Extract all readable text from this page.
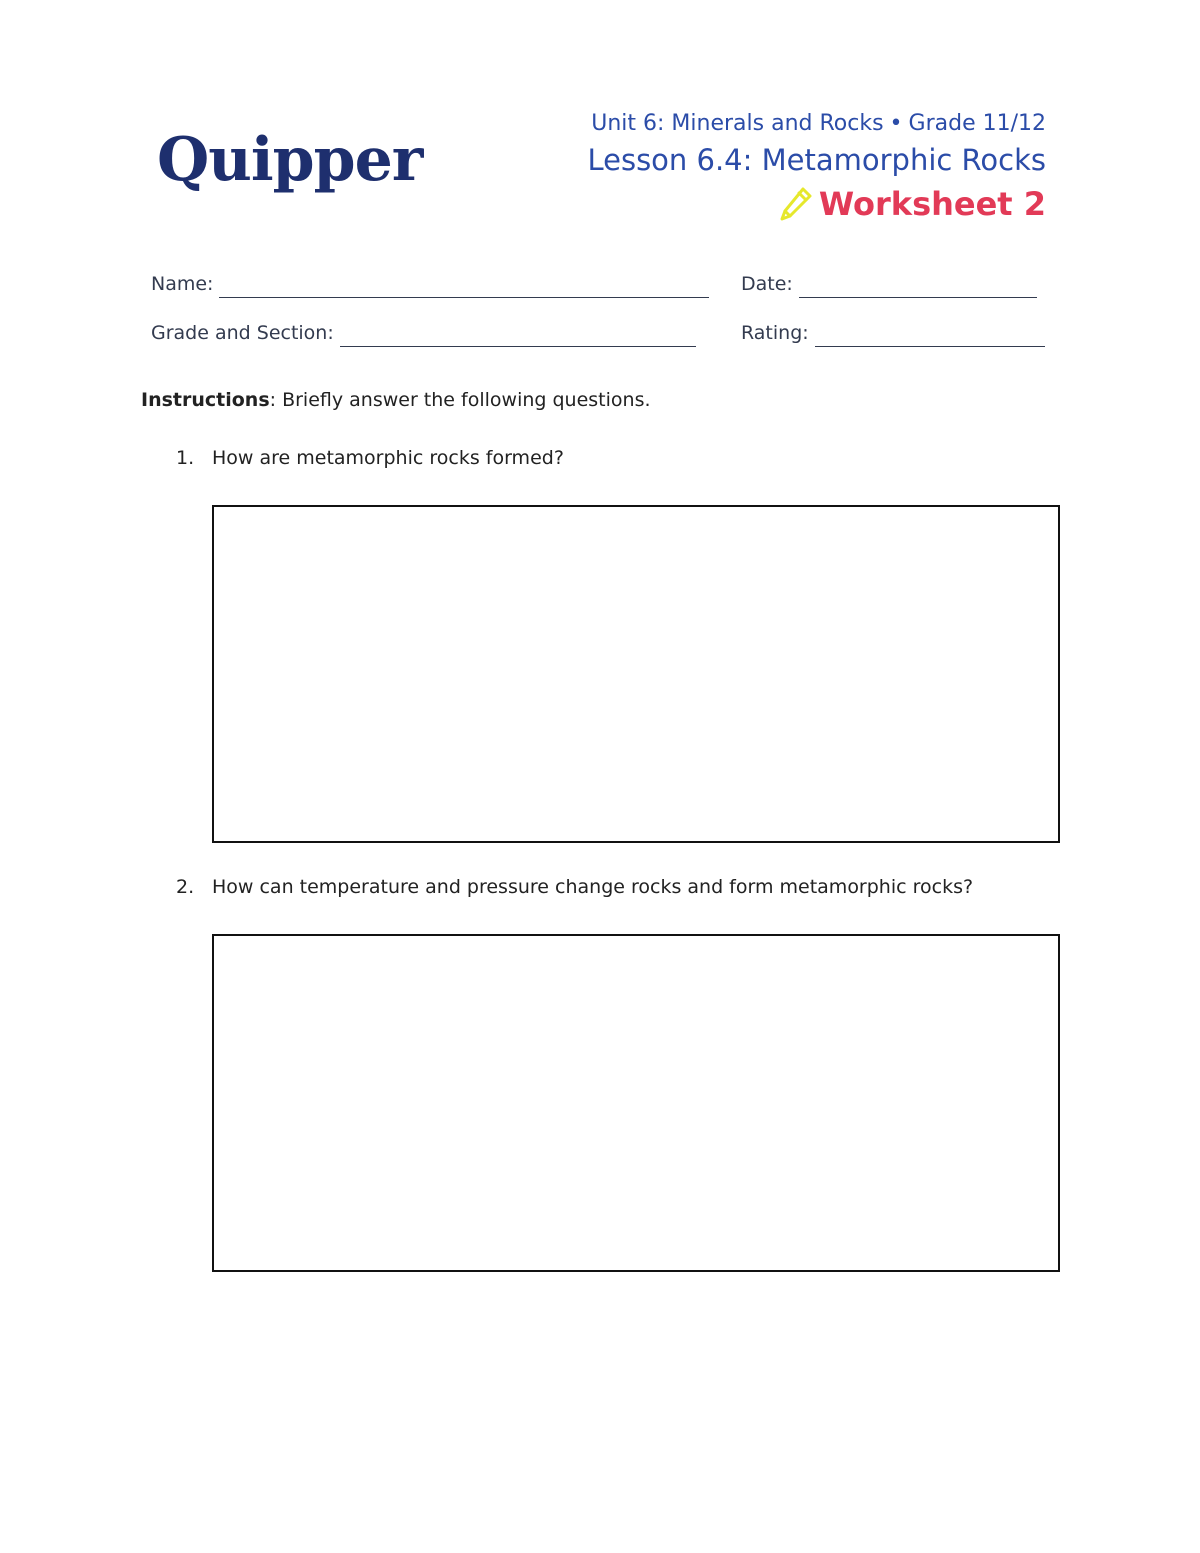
Quipper
Unit 6: Minerals and Rocks • Grade 11/12
Lesson 6.4: Metamorphic Rocks
Worksheet 2
Name:	Date:
Grade and Section:	Rating:
Instructions: Briefly answer the following questions.
1. How are metamorphic rocks formed?
2. How can temperature and pressure change rocks and form metamorphic rocks?
